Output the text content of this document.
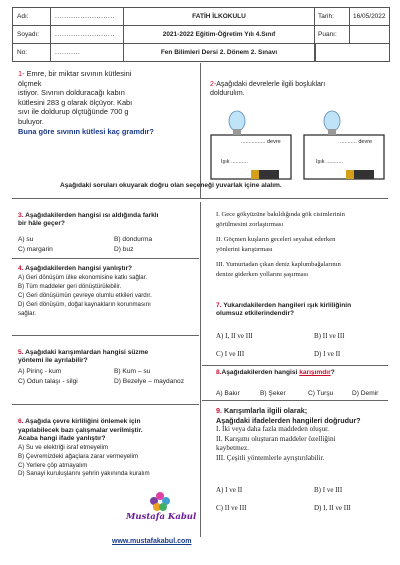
Adı:	..........................	FATİH İLKOKULU	Tarih:	16/05/2022
Soyadı:	..........................	2021-2022 Eğitim-Öğretim Yılı 4.Sınıf	Puanı:
No:	...........	Fen Bilimleri Dersi 2. Dönem 2. Sınavı
1- Emre, bir miktar sıvının kütlesini
ölçmek
istiyor. Sıvının dolduracağı kabın
kütlesini 283 g olarak ölçüyor. Kabı
sıvı ile doldurup ölçtüğünde 700 g
buluyor.
Buna göre sıvının kütlesi kaç gramdır?
2-Aşağıdaki devrelerle ilgili boşlukları
doldurulım.
................ devre
Işık ...........
........... devre
Işık ...........
Aşağıdaki soruları okuyarak doğru olan seçeneği yuvarlak içine alalım.
3. Aşağıdakilerden hangisi ısı aldığında farklı
bir hâle geçer?
A) su	B) dondurma
C) margarin	D) buz
4. Aşağıdakilerden hangisi yanlıştır?
A) Geri dönüşüm ülke ekonomisine katkı sağlar.
B) Tüm maddeler geri dönüştürülebilir.
C) Geri dönüşümün çevreye olumlu etkileri vardır.
D) Geri dönüşüm, doğal kaynakların korunmasını
sağlar.
5. Aşağıdaki karışımlardan hangisi süzme
yöntemi ile ayrılabilir?
A) Pirinç - kum	B) Kum – su
C) Odun talaşı - silgi	D) Bezelye – maydanoz
6. Aşağıda çevre kirliliğini önlemek için
yapılabilecek bazı çalışmalar verilmiştir.
Acaba hangi ifade yanlıştır?
A) Su ve elektriği israf etmeyelim
B) Çevremizdeki ağaçlara zarar vermeyelim
C) Yerlere çöp atmayalım
D) Sanayi kuruluşlarını şehrin yakınında kuralım
Mustafa Kabul
www.mustafakabul.com
I. Gece gökyüzüne bakıldığında gök cisimlerinin
görülmesini zorlaştırması
II. Göçmen kuşların geceleri seyahat ederken
yönlerini karıştırması
III. Yumurtadan çıkan deniz kaplumbağalarının
denize giderken yollarını şaşırması
7. Yukarıdakilerden hangileri ışık kirliliğinin
olumsuz etkilerindendir?
A) I, II ve III	B) II ve III
C) I ve III	D) I ve II
8.Aşağıdakilerden hangisi karışımdır?
A) Bakır	B) Şeker	C) Turşu	D) Demir
9. Karışımlarla ilgili olarak;
Aşağıdaki ifadelerden hangileri doğrudur?
I. İki veya daha fazla maddeden oluşur.
II. Karışımı oluşturan maddeler özelliğini
kaybetmez.
III. Çeşitli yöntemlerle ayrıştırılabilir.
A) I ve II	B) I ve III
C) II ve III	D) I, II ve III
